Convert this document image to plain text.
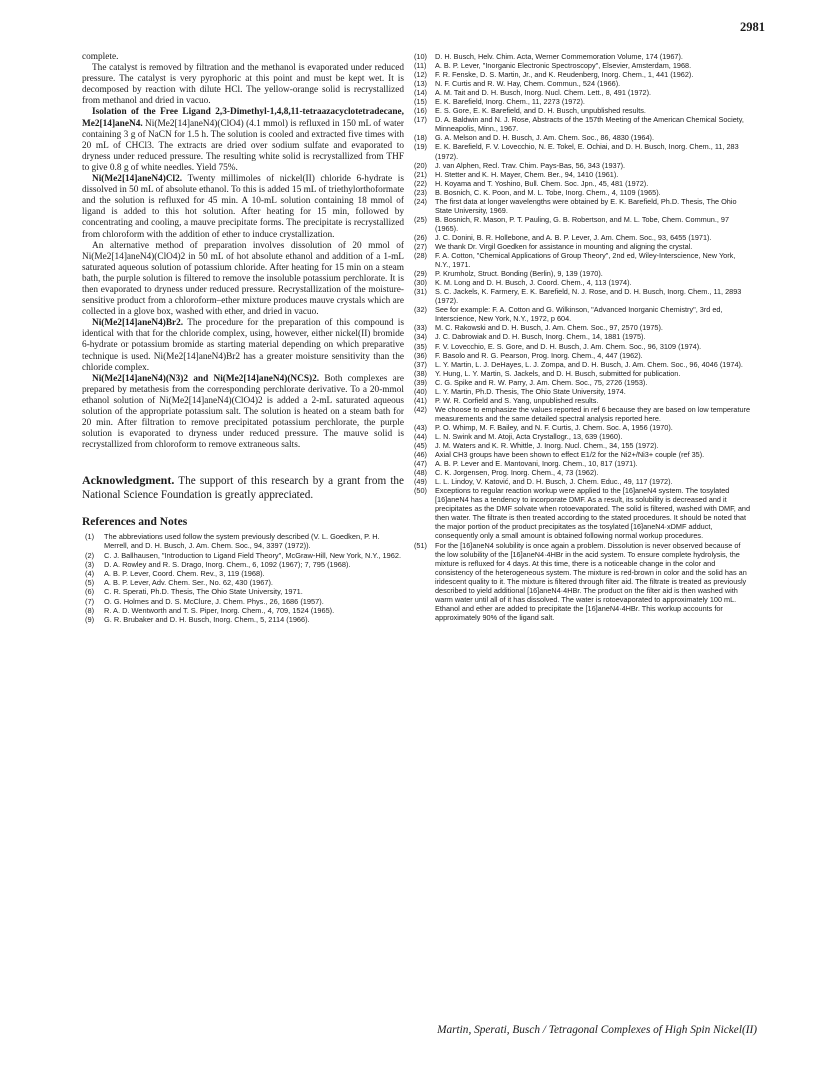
2981

complete.

The catalyst is removed by filtration and the methanol is evaporated under reduced pressure. The catalyst is very pyrophoric at this point and must be kept wet. It is decomposed by reaction with dilute HCl. The yellow-orange solid is recrystallized from methanol and dried in vacuo.

Isolation of the Free Ligand 2,3-Dimethyl-1,4,8,11-tetraazacyclotetradecane, Me2[14]aneN4. Ni(Me2[14]aneN4)(ClO4) (4.1 mmol) is refluxed in 150 mL of water containing 3 g of NaCN for 1.5 h. The solution is cooled and extracted five times with 20 mL of CHCl3. The extracts are dried over sodium sulfate and evaporated to dryness under reduced pressure. The resulting white solid is recrystallized from THF to give 0.8 g of white needles. Yield 75%.

Ni(Me2[14]aneN4)Cl2. Twenty millimoles of nickel(II) chloride 6-hydrate is dissolved in 50 mL of absolute ethanol. To this is added 15 mL of triethylorthoformate and the solution is refluxed for 45 min. A 10-mL solution containing 18 mmol of ligand is added to this hot solution. After heating for 15 min, followed by concentrating and cooling, a mauve precipitate forms. The precipitate is recrystallized from chloroform with the addition of ether to induce crystallization.

An alternative method of preparation involves dissolution of 20 mmol of Ni(Me2[14]aneN4)(ClO4)2 in 50 mL of hot absolute ethanol and addition of a 1-mL saturated aqueous solution of potassium chloride. After heating for 15 min on a steam bath, the purple solution is filtered to remove the insoluble potassium perchlorate. It is then evaporated to dryness under reduced pressure. Recrystallization of the moisture-sensitive product from a chloroform–ether mixture produces mauve crystals which are collected in a glove box, washed with ether, and dried in vacuo.

Ni(Me2[14]aneN4)Br2. The procedure for the preparation of this compound is identical with that for the chloride complex, using, however, either nickel(II) bromide 6-hydrate or potassium bromide as starting material depending on which preparative technique is used. Ni(Me2[14]aneN4)Br2 has a greater moisture sensitivity than the chloride complex.

Ni(Me2[14]aneN4)(N3)2 and Ni(Me2[14]aneN4)(NCS)2. Both complexes are prepared by metathesis from the corresponding perchlorate derivative. To a 20-mmol ethanol solution of Ni(Me2[14]aneN4)(ClO4)2 is added a 2-mL saturated aqueous solution of the appropriate potassium salt. The solution is heated on a steam bath for 20 min. After filtration to remove precipitated potassium perchlorate, the purple solution is evaporated to dryness under reduced pressure. The mauve solid is recrystallized from chloroform to remove extraneous salts.

Acknowledgment. The support of this research by a grant from the National Science Foundation is greatly appreciated.

References and Notes
(1) The abbreviations used follow the system previously described (V. L. Goedken, P. H. Merrell, and D. H. Busch, J. Am. Chem. Soc., 94, 3397 (1972)).
(2) C. J. Ballhausen, "Introduction to Ligand Field Theory", McGraw-Hill, New York, N.Y., 1962.
(3) D. A. Rowley and R. S. Drago, Inorg. Chem., 6, 1092 (1967); 7, 795 (1968).
(4) A. B. P. Lever, Coord. Chem. Rev., 3, 119 (1968).
(5) A. B. P. Lever, Adv. Chem. Ser., No. 62, 430 (1967).
(6) C. R. Sperati, Ph.D. Thesis, The Ohio State University, 1971.
(7) O. G. Holmes and D. S. McClure, J. Chem. Phys., 26, 1686 (1957).
(8) R. A. D. Wentworth and T. S. Piper, Inorg. Chem., 4, 709, 1524 (1965).
(9) G. R. Brubaker and D. H. Busch, Inorg. Chem., 5, 2114 (1966).
(10) D. H. Busch, Helv. Chim. Acta, Werner Commemoration Volume, 174 (1967).
(11) A. B. P. Lever, "Inorganic Electronic Spectroscopy", Elsevier, Amsterdam, 1968.
(12) F. R. Fenske, D. S. Martin, Jr., and K. Reudenberg, Inorg. Chem., 1, 441 (1962).
(13) N. F. Curtis and R. W. Hay, Chem. Commun., 524 (1966).
(14) A. M. Tait and D. H. Busch, Inorg. Nucl. Chem. Lett., 8, 491 (1972).
(15) E. K. Barefield, Inorg. Chem., 11, 2273 (1972).
(16) E. S. Gore, E. K. Barefield, and D. H. Busch, unpublished results.
(17) D. A. Baldwin and N. J. Rose, Abstracts of the 157th Meeting of the American Chemical Society, Minneapolis, Minn., 1967.
(18) G. A. Melson and D. H. Busch, J. Am. Chem. Soc., 86, 4830 (1964).
(19) E. K. Barefield, F. V. Lovecchio, N. E. Tokel, E. Ochiai, and D. H. Busch, Inorg. Chem., 11, 283 (1972).
(20) J. van Alphen, Recl. Trav. Chim. Pays-Bas, 56, 343 (1937).
(21) H. Stetter and K. H. Mayer, Chem. Ber., 94, 1410 (1961).
(22) H. Koyama and T. Yoshino, Bull. Chem. Soc. Jpn., 45, 481 (1972).
(23) B. Bosnich, C. K. Poon, and M. L. Tobe, Inorg. Chem., 4, 1109 (1965).
(24) The first data at longer wavelengths were obtained by E. K. Barefield, Ph.D. Thesis, The Ohio State University, 1969.
(25) B. Bosnich, R. Mason, P. T. Pauling, G. B. Robertson, and M. L. Tobe, Chem. Commun., 97 (1965).
(26) J. C. Donini, B. R. Hollebone, and A. B. P. Lever, J. Am. Chem. Soc., 93, 6455 (1971).
(27) We thank Dr. Virgil Goedken for assistance in mounting and aligning the crystal.
(28) F. A. Cotton, "Chemical Applications of Group Theory", 2nd ed, Wiley-Interscience, New York, N.Y., 1971.
(29) P. Krumholz, Struct. Bonding (Berlin), 9, 139 (1970).
(30) K. M. Long and D. H. Busch, J. Coord. Chem., 4, 113 (1974).
(31) S. C. Jackels, K. Farmery, E. K. Barefield, N. J. Rose, and D. H. Busch, Inorg. Chem., 11, 2893 (1972).
(32) See for example: F. A. Cotton and G. Wilkinson, "Advanced Inorganic Chemistry", 3rd ed, Interscience, New York, N.Y., 1972, p 604.
(33) M. C. Rakowski and D. H. Busch, J. Am. Chem. Soc., 97, 2570 (1975).
(34) J. C. Dabrowiak and D. H. Busch, Inorg. Chem., 14, 1881 (1975).
(35) F. V. Lovecchio, E. S. Gore, and D. H. Busch, J. Am. Chem. Soc., 96, 3109 (1974).
(36) F. Basolo and R. G. Pearson, Prog. Inorg. Chem., 4, 447 (1962).
(37) L. Y. Martin, L. J. DeHayes, L. J. Zompa, and D. H. Busch, J. Am. Chem. Soc., 96, 4046 (1974).
(38) Y. Hung, L. Y. Martin, S. Jackels, and D. H. Busch, submitted for publication.
(39) C. G. Spike and R. W. Parry, J. Am. Chem. Soc., 75, 2726 (1953).
(40) L. Y. Martin, Ph.D. Thesis, The Ohio State University, 1974.
(41) P. W. R. Corfield and S. Yang, unpublished results.
(42) We choose to emphasize the values reported in ref 6 because they are based on low temperature measurements and the same detailed spectral analysis reported here.
(43) P. O. Whimp, M. F. Bailey, and N. F. Curtis, J. Chem. Soc. A, 1956 (1970).
(44) L. N. Swink and M. Atoji, Acta Crystallogr., 13, 639 (1960).
(45) J. M. Waters and K. R. Whittle, J. Inorg. Nucl. Chem., 34, 155 (1972).
(46) Axial CH3 groups have been shown to effect E1/2 for the Ni2+/Ni3+ couple (ref 35).
(47) A. B. P. Lever and E. Mantovani, Inorg. Chem., 10, 817 (1971).
(48) C. K. Jorgensen, Prog. Inorg. Chem., 4, 73 (1962).
(49) L. L. Lindoy, V. Katović, and D. H. Busch, J. Chem. Educ., 49, 117 (1972).
(50) Exceptions to regular reaction workup were applied to the [16]aneN4 system. The tosylated [16]aneN4 has a tendency to incorporate DMF. As a result, its solubility is decreased and it precipitates as the DMF solvate when rotoevaporated. The solid is filtered, washed with DMF, and then water. The filtrate is then treated according to the stated procedures. It should be noted that the major portion of the product precipitates as the tosylated [16]aneN4·xDMF adduct, consequently only a small amount is obtained following normal workup procedures.
(51) For the [16]aneN4 solubility is once again a problem. Dissolution is never observed because of the low solubility of the [16]aneN4·4HBr in the acid system. To ensure complete hydrolysis, the mixture is refluxed for 4 days. At this time, there is a noticeable change in the color and consistency of the heterogeneous system. The mixture is red-brown in color and the solid has an iridescent quality to it. The mixture is filtered through filter aid. The filtrate is treated as previously described to yield additional [16]aneN4·4HBr. The product on the filter aid is then washed with warm water until all of it has dissolved. The water is rotoevaporated to approximately 100 mL. Ethanol and ether are added to precipitate the [16]aneN4·4HBr. This workup accounts for approximately 90% of the ligand salt.
Martin, Sperati, Busch / Tetragonal Complexes of High Spin Nickel(II)
